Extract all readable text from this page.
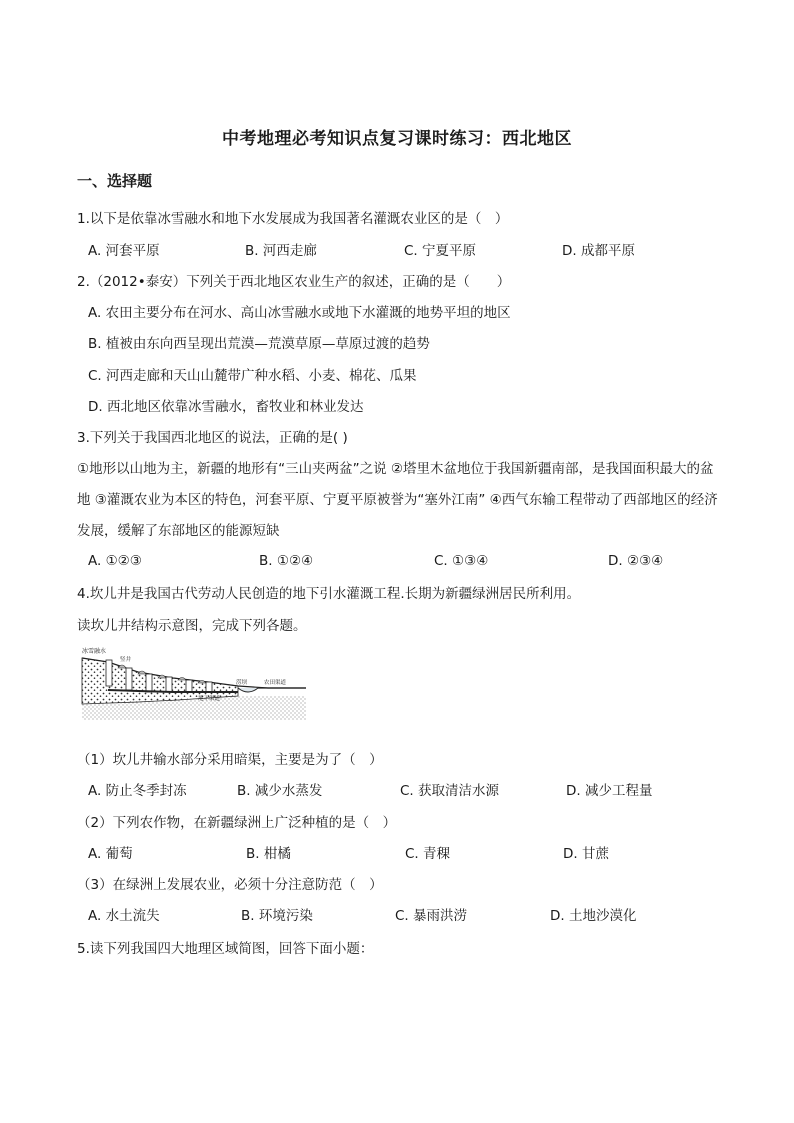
中考地理必考知识点复习课时练习：西北地区
一、选择题
1.以下是依靠冰雪融水和地下水发展成为我国著名灌溉农业区的是（　）
A. 河套平原	B. 河西走廊	C. 宁夏平原	D. 成都平原
2.（2012•泰安）下列关于西北地区农业生产的叙述，正确的是（　　）
A. 农田主要分布在河水、高山冰雪融水或地下水灌溉的地势平坦的地区
B. 植被由东向西呈现出荒漠—荒漠草原—草原过渡的趋势
C. 河西走廊和天山山麓带广种水稻、小麦、棉花、瓜果
D. 西北地区依靠冰雪融水，畜牧业和林业发达
3.下列关于我国西北地区的说法，正确的是( )
①地形以山地为主，新疆的地形有“三山夹两盆”之说 ②塔里木盆地位于我国新疆南部，是我国面积最大的盆地 ③灌溉农业为本区的特色，河套平原、宁夏平原被誉为“塞外江南” ④西气东输工程带动了西部地区的经济发展，缓解了东部地区的能源短缺
A. ①②③	B. ①②④	C. ①③④	D. ②③④
4.坎儿井是我国古代劳动人民创造的地下引水灌溉工程.长期为新疆绿洲居民所利用。
读坎儿井结构示意图，完成下列各题。
冰雪融水
竖井
地下渠道
涝坝	农田渠道
（1）坎儿井输水部分采用暗渠，主要是为了（　）
A. 防止冬季封冻	B. 减少水蒸发	C. 获取清洁水源	D. 减少工程量
（2）下列农作物，在新疆绿洲上广泛种植的是（　）
A. 葡萄	B. 柑橘	C. 青稞	D. 甘蔗
（3）在绿洲上发展农业，必须十分注意防范（　）
A. 水土流失	B. 环境污染	C. 暴雨洪涝	D. 土地沙漠化
5.读下列我国四大地理区域简图，回答下面小题：
